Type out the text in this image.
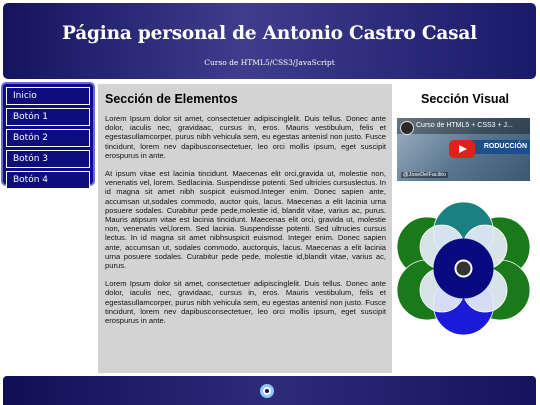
Página personal de Antonio Castro Casal

Curso de HTML5/CSS3/JavaScript

Inicio
Botón 1
Botón 2
Botón 3
Botón 4
Sección de Elementos

Lorem Ipsum dolor sit amet, consectetuer adipiscinglelit. Duis tellus. Donec ante dolor, iaculis nec, gravidaac, cursus in, eros. Mauris vestibulum, felis et egestasullamcorper, purus nibh vehicula sem, eu egestas antenisl non justo. Fusce tincidunt, lorem nev dapibusconsectetuer, leo orci mollis ipsum, eget suscipit erospurus in ante.

At ipsum vitae est lacinia tincidunt. Maecenas elit orci,gravida ut, molestie non, venenatis vel, lorem. Sedlacinia. Suspendisse potenti. Sed ultricies cursuslectus. In id magna sit amet nibh suspicit euismod.Integer enim. Donec sapien ante, accumsan ut,sodales commodo, auctor quis, lacus. Maecenas a elit lacinia urna posuere sodales. Curabitur pede pede,molestie id, blandit vitae, varius ac, purus. Mauris atipsum vitae est lacinia tincidunt. Maecenas elit orci, gravida ut, molestie non, venenatis vel,lorem. Sed lacinia. Suspendisse potenti. Sed ultrucies cursus lectus. In id magna sit amet nibhsuspicit euismod. Integer enim. Donec sapien ante, accumsan ut, sodales commodo, auctorquis, lacus. Maecenas a elit lacinia urna posuere sodales. Curabitur pede pede, molestie id,blandit vitae, varius ac, purus.

Lorem Ipsum dolor sit amet, consectetuer adipiscinglelit. Duis tellus. Donec ante dolor, iaculis nec, gravidaac, cursus in, eros. Mauris vestibulum, felis et egestasullamcorper, purus nibh vehicula sem, eu egestas antenisl non justo. Fusce tincidunt, lorem nev dapibusconsectetuer, leo orci mollis ipsum, eget suscipit erospurus in ante.

Sección Visual
RODUCCIÓN
Curso de HTML5 + CSS3 + J...
@JoseDelFacilito
